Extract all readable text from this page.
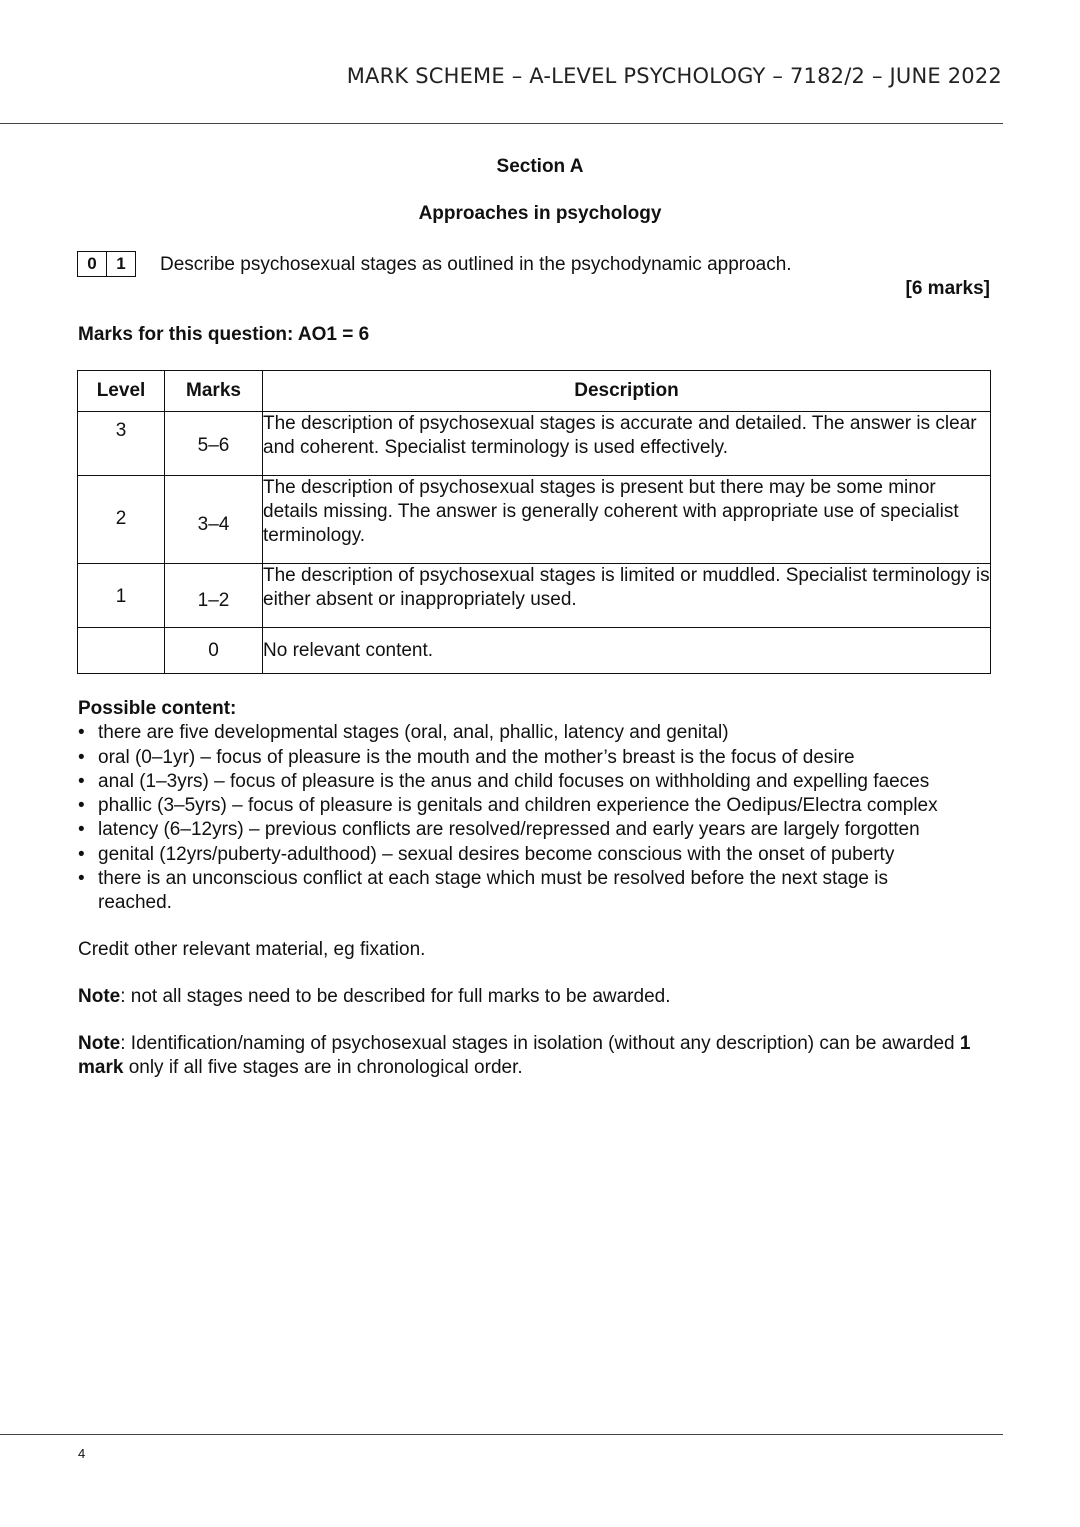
MARK SCHEME – A-LEVEL PSYCHOLOGY – 7182/2 – JUNE 2022
Section A
Approaches in psychology
0	1	Describe psychosexual stages as outlined in the psychodynamic approach.
[6 marks]
Marks for this question: AO1 = 6
Level	Marks	Description
3	5–6	The description of psychosexual stages is accurate and detailed. The answer is clear and coherent. Specialist terminology is used effectively.
2	3–4	The description of psychosexual stages is present but there may be some minor details missing. The answer is generally coherent with appropriate use of specialist terminology.
1	1–2	The description of psychosexual stages is limited or muddled. Specialist terminology is either absent or inappropriately used.
	0	No relevant content.
Possible content:
• there are five developmental stages (oral, anal, phallic, latency and genital)
• oral (0–1yr) – focus of pleasure is the mouth and the mother’s breast is the focus of desire
• anal (1–3yrs) – focus of pleasure is the anus and child focuses on withholding and expelling faeces
• phallic (3–5yrs) – focus of pleasure is genitals and children experience the Oedipus/Electra complex
• latency (6–12yrs) – previous conflicts are resolved/repressed and early years are largely forgotten
• genital (12yrs/puberty-adulthood) – sexual desires become conscious with the onset of puberty
• there is an unconscious conflict at each stage which must be resolved before the next stage is reached.
Credit other relevant material, eg fixation.
Note: not all stages need to be described for full marks to be awarded.
Note: Identification/naming of psychosexual stages in isolation (without any description) can be awarded 1 mark only if all five stages are in chronological order.
4
